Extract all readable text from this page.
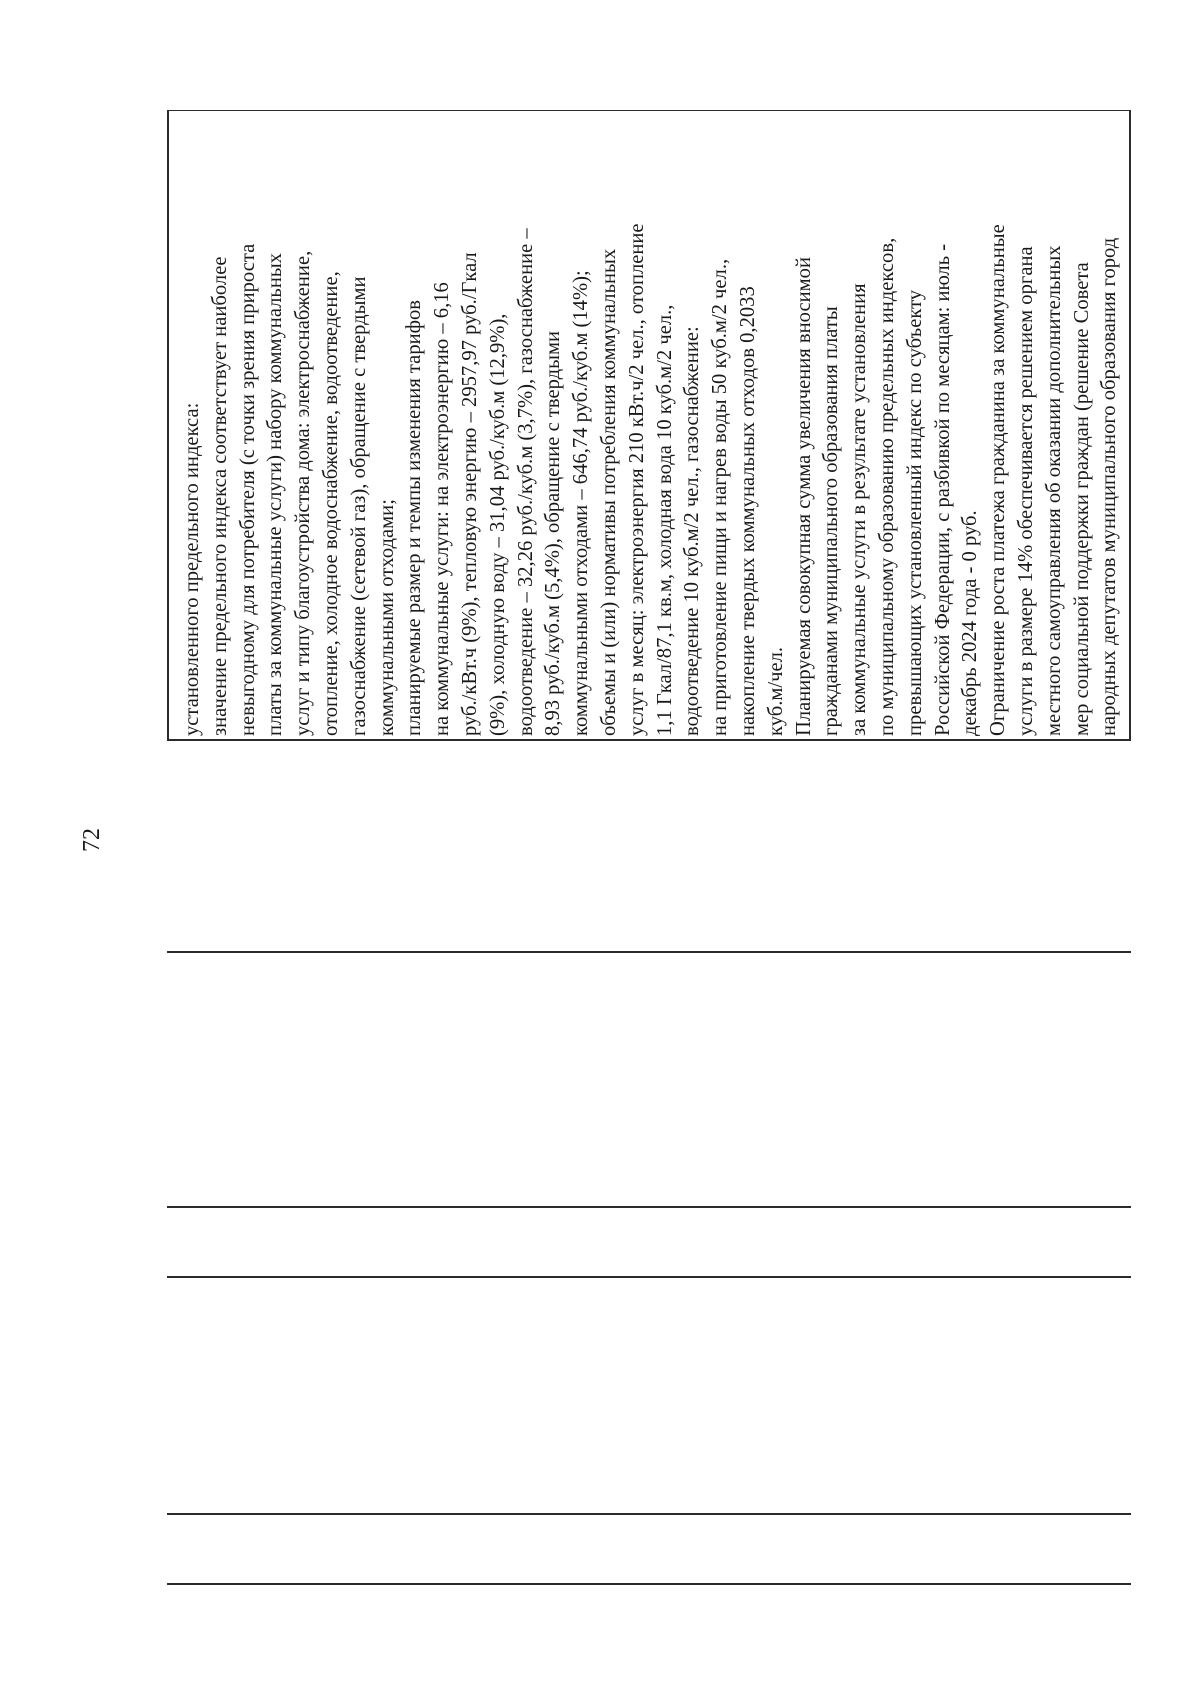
72
установленного предельного индекса: значение предельного индекса соответствует наиболее невыгодному для потребителя (с точки зрения прироста платы за коммунальные услуги) набору коммунальных услуг и типу благоустройства дома: электроснабжение, отопление, холодное водоснабжение, водоотведение, газоснабжение (сетевой газ), обращение с твердыми коммунальными отходами; планируемые размер и темпы изменения тарифов на коммунальные услуги: на электроэнергию – 6,16 руб./кВт.ч (9%), тепловую энергию – 2957,97 руб./Гкал (9%), холодную воду – 31,04 руб./куб.м (12,9%), водоотведение – 32,26 руб./куб.м (3,7%), газоснабжение – 8,93 руб./куб.м (5,4%), обращение с твердыми коммунальными отходами – 646,74 руб./куб.м (14%); объемы и (или) нормативы потребления коммунальных услуг в месяц: электроэнергия 210 кВт.ч/2 чел., отопление 1,1 Гкал/87,1 кв.м, холодная вода 10 куб.м/2 чел., водоотведение 10 куб.м/2 чел., газоснабжение: на приготовление пищи и нагрев воды 50 куб.м/2 чел., накопление твердых коммунальных отходов 0,2033 куб.м/чел. Планируемая совокупная сумма увеличения вносимой гражданами муниципального образования платы за коммунальные услуги в результате установления по муниципальному образованию предельных индексов, превышающих установленный индекс по субъекту Российской Федерации, с разбивкой по месяцам: июль - декабрь 2024 года - 0 руб. Ограничение роста платежа гражданина за коммунальные услуги в размере 14% обеспечивается решением органа местного самоуправления об оказании дополнительных мер социальной поддержки граждан (решение Совета народных депутатов муниципального образования город
